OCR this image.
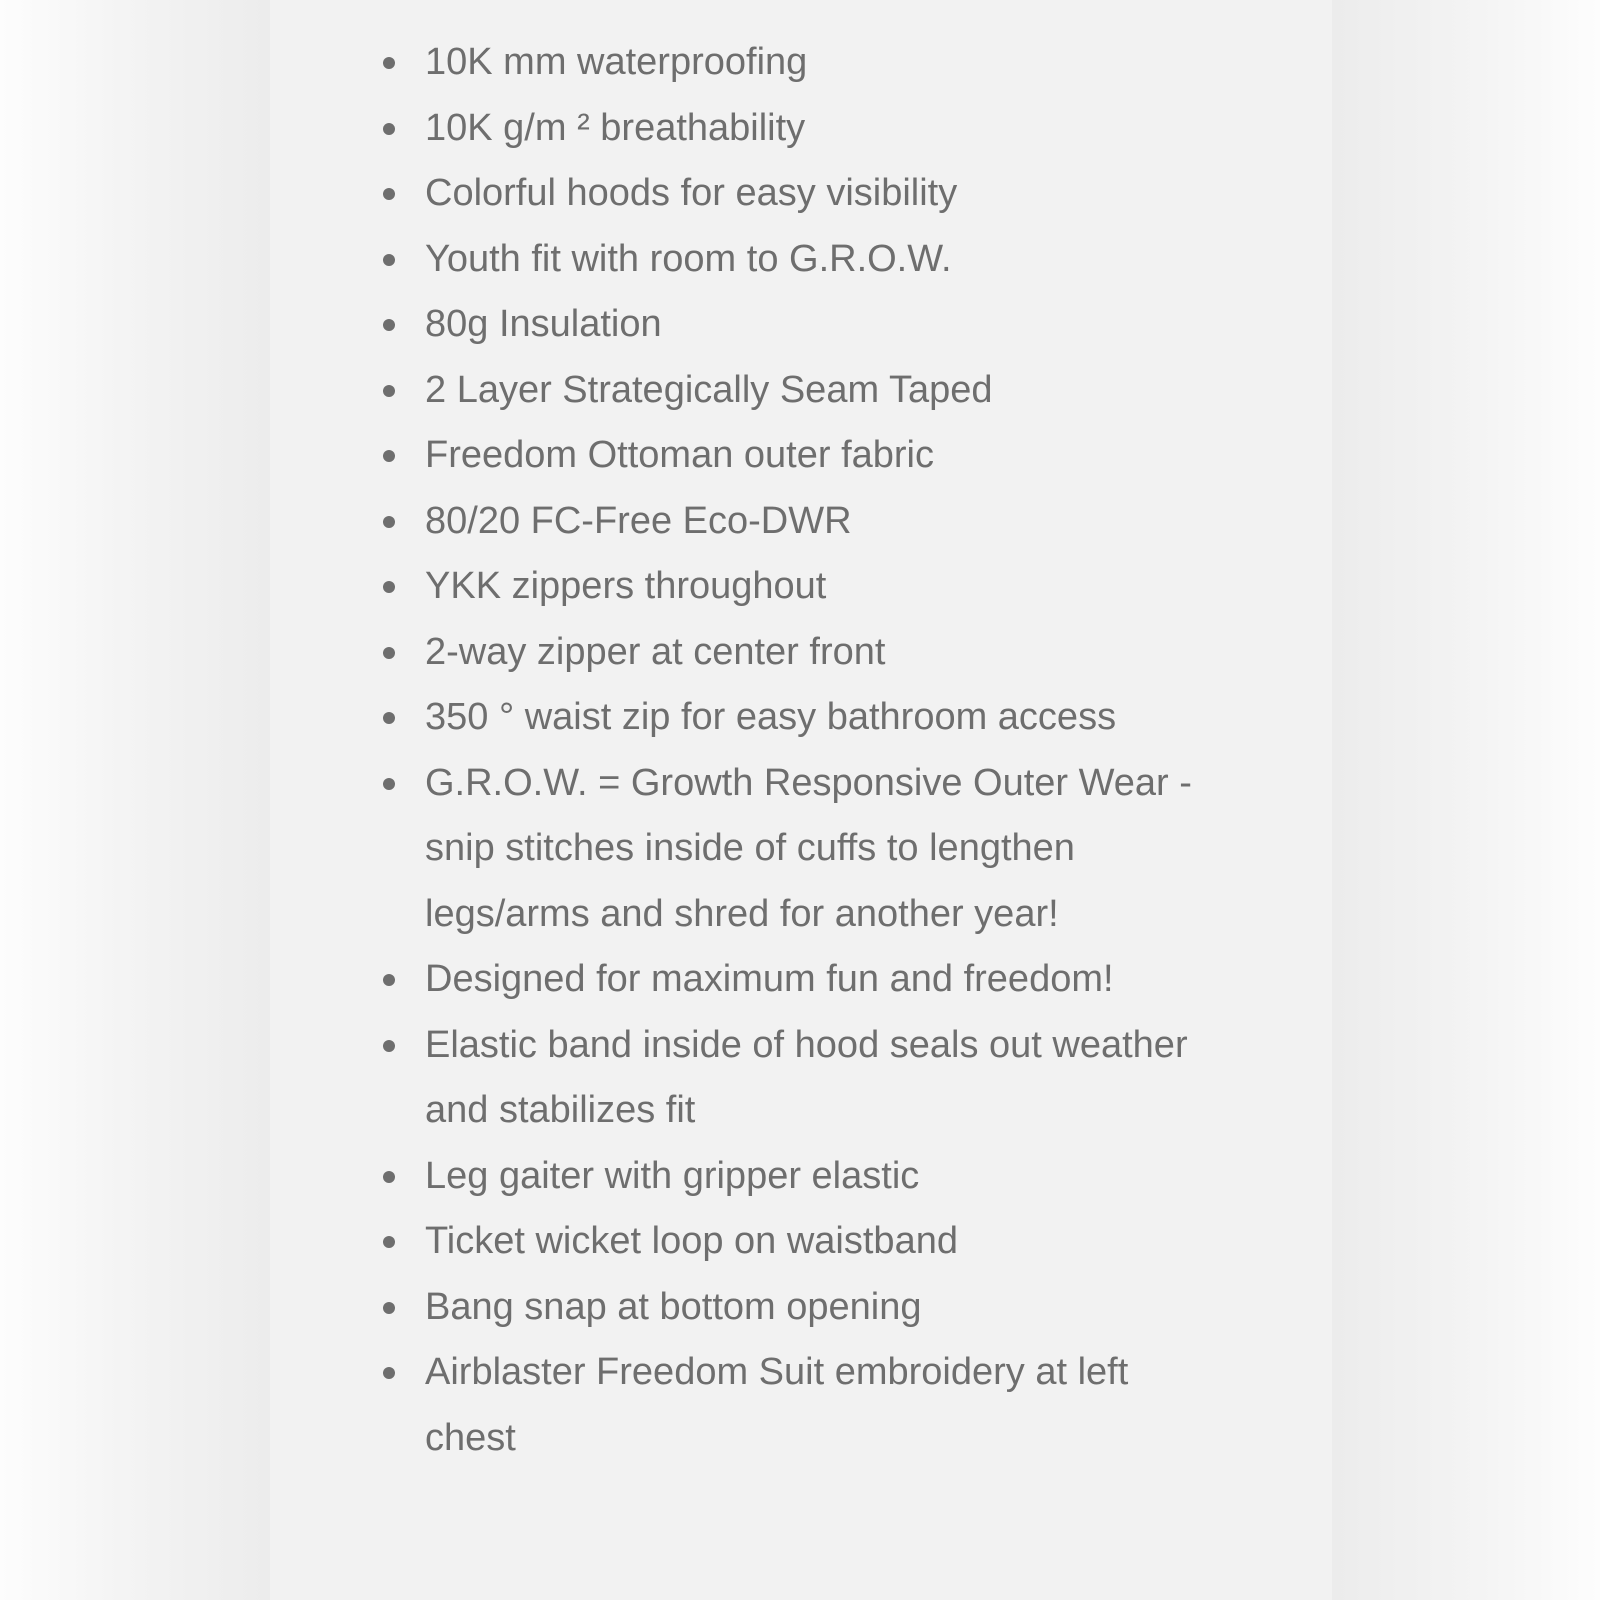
10K mm waterproofing
10K g/m ² breathability
Colorful hoods for easy visibility
Youth fit with room to G.R.O.W.
80g Insulation
2 Layer Strategically Seam Taped
Freedom Ottoman outer fabric
80/20 FC-Free Eco-DWR
YKK zippers throughout
2-way zipper at center front
350 ° waist zip for easy bathroom access
G.R.O.W. = Growth Responsive Outer Wear - snip stitches inside of cuffs to lengthen legs/arms and shred for another year!
Designed for maximum fun and freedom!
Elastic band inside of hood seals out weather and stabilizes fit
Leg gaiter with gripper elastic
Ticket wicket loop on waistband
Bang snap at bottom opening
Airblaster Freedom Suit embroidery at left chest
